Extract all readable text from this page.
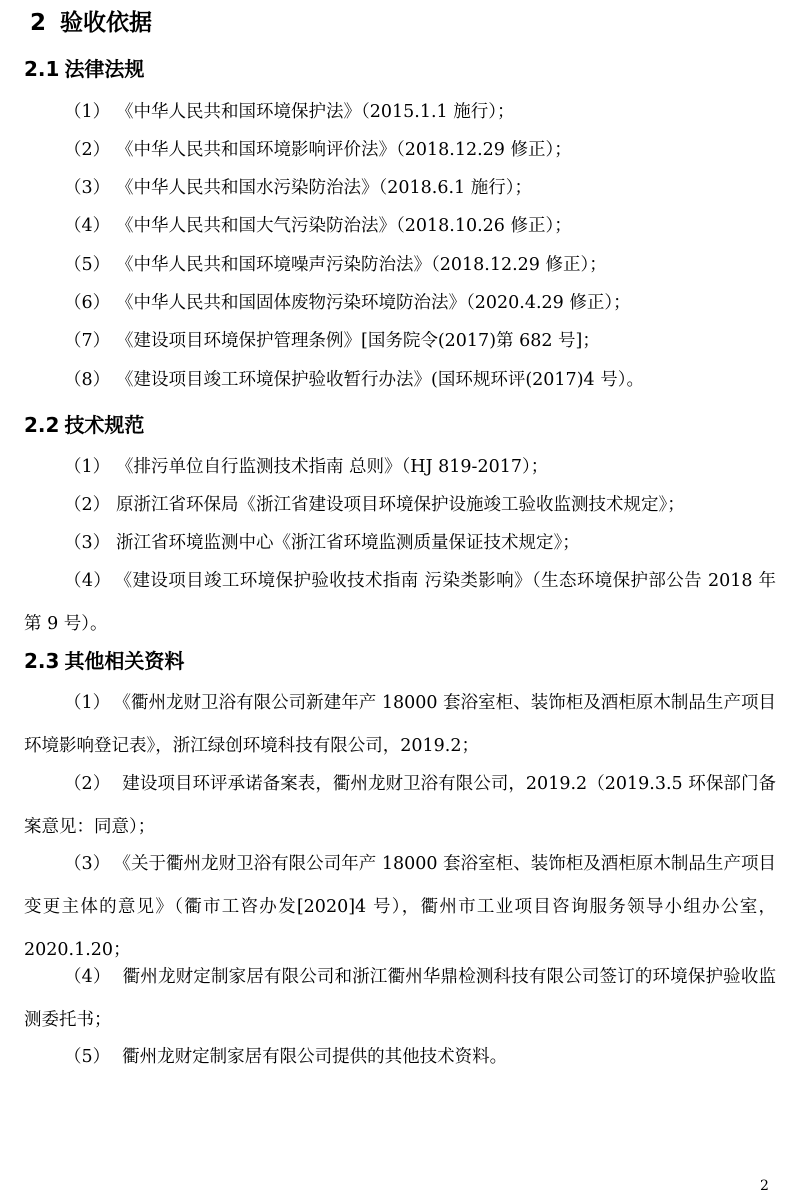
2 验收依据
2.1 法律法规
（1） 《中华人民共和国环境保护法》（2015.1.1 施行）；
（2） 《中华人民共和国环境影响评价法》（2018.12.29 修正）；
（3） 《中华人民共和国水污染防治法》（2018.6.1 施行）；
（4） 《中华人民共和国大气污染防治法》（2018.10.26 修正）；
（5） 《中华人民共和国环境噪声污染防治法》（2018.12.29 修正）；
（6） 《中华人民共和国固体废物污染环境防治法》（2020.4.29 修正）；
（7） 《建设项目环境保护管理条例》[国务院令(2017)第 682 号]；
（8） 《建设项目竣工环境保护验收暂行办法》(国环规环评(2017)4 号）。
2.2 技术规范
（1） 《排污单位自行监测技术指南 总则》（HJ 819-2017）；
（2） 原浙江省环保局《浙江省建设项目环境保护设施竣工验收监测技术规定》；
（3） 浙江省环境监测中心《浙江省环境监测质量保证技术规定》；
（4） 《建设项目竣工环境保护验收技术指南 污染类影响》（生态环境保护部公告 2018 年第 9 号）。
2.3 其他相关资料
（1） 《衢州龙财卫浴有限公司新建年产 18000 套浴室柜、装饰柜及酒柜原木制品生产项目环境影响登记表》，浙江绿创环境科技有限公司，2019.2；
（2） 建设项目环评承诺备案表，衢州龙财卫浴有限公司，2019.2（2019.3.5 环保部门备案意见：同意）；
（3） 《关于衢州龙财卫浴有限公司年产 18000 套浴室柜、装饰柜及酒柜原木制品生产项目变更主体的意见》（衢市工咨办发[2020]4 号），衢州市工业项目咨询服务领导小组办公室，2020.1.20；
（4） 衢州龙财定制家居有限公司和浙江衢州华鼎检测科技有限公司签订的环境保护验收监测委托书；
（5） 衢州龙财定制家居有限公司提供的其他技术资料。
2
